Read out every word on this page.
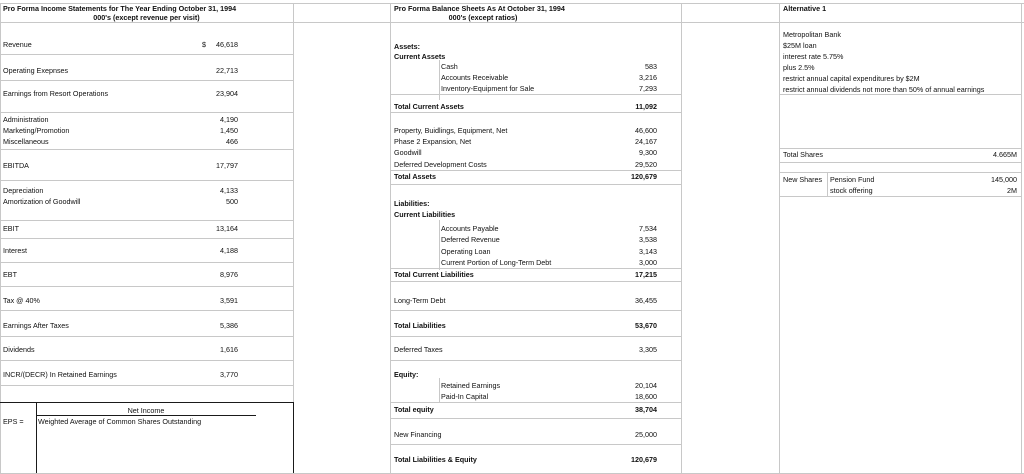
Pro Forma Income Statements for The Year Ending October 31, 1994
000's (except revenue per visit)
Revenue	$	46,618
Operating Exepnses	22,713
Earnings from Resort Operations	23,904
Administration	4,190
Marketing/Promotion	1,450
Miscellaneous	466
EBITDA	17,797
Depreciation	4,133
Amortization of Goodwill	500
EBIT	13,164
Interest	4,188
EBT	8,976
Tax @ 40%	3,591
Earnings After Taxes	5,386
Dividends	1,616
INCR/(DECR) In Retained Earnings	3,770
EPS =
Net Income
Weighted Average of Common Shares Outstanding
Pro Forma Balance Sheets As At October 31, 1994
000's (except ratios)
Assets:
Current Assets
Cash	583
Accounts Receivable	3,216
Inventory-Equipment for Sale	7,293
Total Current Assets	11,092
Property, Buidlings, Equipment, Net	46,600
Phase 2 Expansion, Net	24,167
Goodwill	9,300
Deferred Development Costs	29,520
Total Assets	120,679
Liabilities:
Current Liabilities
Accounts Payable	7,534
Deferred Revenue	3,538
Operating Loan	3,143
Current Portion of Long-Term Debt	3,000
Total Current Liabilities	17,215
Long-Term Debt	36,455
Total Liabilities	53,670
Deferred Taxes	3,305
Equity:
Retained Earnings	20,104
Paid-In Capital	18,600
Total equity	38,704
New Financing	25,000
Total Liabilities & Equity	120,679
Alternative 1
Metropolitan Bank
$25M loan
interest rate 5.75%
plus 2.5%
restrict annual capital expenditures by $2M
restrict annual dividends not more than 50% of annual earnings
Total Shares	4.665M
New Shares Pension Fund	145,000
stock offering	2M
